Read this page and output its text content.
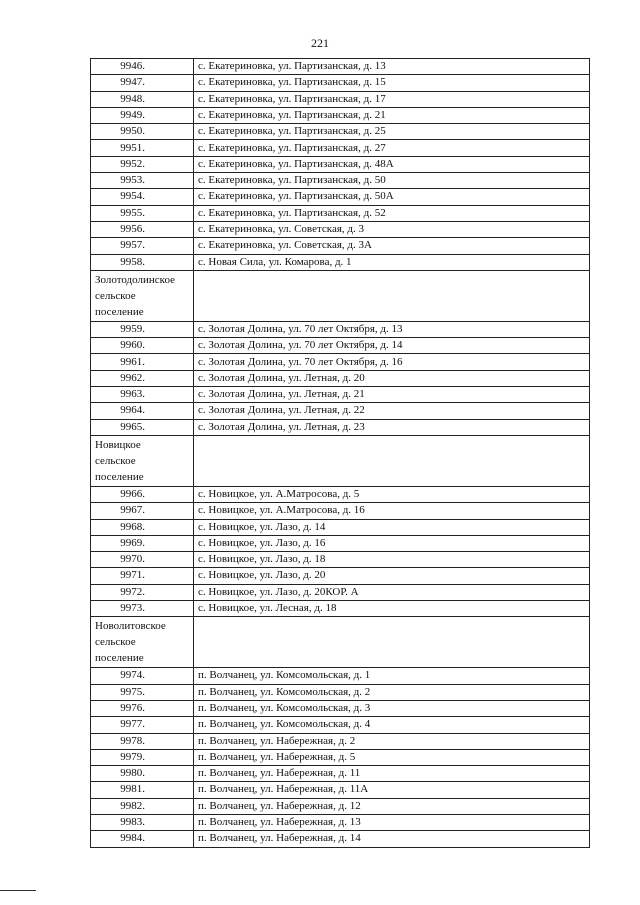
221
9946.	с. Екатериновка, ул. Партизанская, д. 13
9947.	с. Екатериновка, ул. Партизанская, д. 15
9948.	с. Екатериновка, ул. Партизанская, д. 17
9949.	с. Екатериновка, ул. Партизанская, д. 21
9950.	с. Екатериновка, ул. Партизанская, д. 25
9951.	с. Екатериновка, ул. Партизанская, д. 27
9952.	с. Екатериновка, ул. Партизанская, д. 48А
9953.	с. Екатериновка, ул. Партизанская, д. 50
9954.	с. Екатериновка, ул. Партизанская, д. 50А
9955.	с. Екатериновка, ул. Партизанская, д. 52
9956.	с. Екатериновка, ул. Советская, д. 3
9957.	с. Екатериновка, ул. Советская, д. 3А
9958.	с. Новая Сила, ул. Комарова, д. 1

Золотодолинское
сельское
поселение	

9959.	с. Золотая Долина, ул. 70 лет Октября, д. 13
9960.	с. Золотая Долина, ул. 70 лет Октября, д. 14
9961.	с. Золотая Долина, ул. 70 лет Октября, д. 16
9962.	с. Золотая Долина, ул. Летная, д. 20
9963.	с. Золотая Долина, ул. Летная, д. 21
9964.	с. Золотая Долина, ул. Летная, д. 22
9965.	с. Золотая Долина, ул. Летная, д. 23

Новицкое
сельское
поселение	

9966.	с. Новицкое, ул. А.Матросова, д. 5
9967.	с. Новицкое, ул. А.Матросова, д. 16
9968.	с. Новицкое, ул. Лазо, д. 14
9969.	с. Новицкое, ул. Лазо, д. 16
9970.	с. Новицкое, ул. Лазо, д. 18
9971.	с. Новицкое, ул. Лазо, д. 20
9972.	с. Новицкое, ул. Лазо, д. 20КОР. А
9973.	с. Новицкое, ул. Лесная, д. 18

Новолитовское
сельское
поселение	

9974.	п. Волчанец, ул. Комсомольская, д. 1
9975.	п. Волчанец, ул. Комсомольская, д. 2
9976.	п. Волчанец, ул. Комсомольская, д. 3
9977.	п. Волчанец, ул. Комсомольская, д. 4
9978.	п. Волчанец, ул. Набережная, д. 2
9979.	п. Волчанец, ул. Набережная, д. 5
9980.	п. Волчанец, ул. Набережная, д. 11
9981.	п. Волчанец, ул. Набережная, д. 11А
9982.	п. Волчанец, ул. Набережная, д. 12
9983.	п. Волчанец, ул. Набережная, д. 13
9984.	п. Волчанец, ул. Набережная, д. 14
